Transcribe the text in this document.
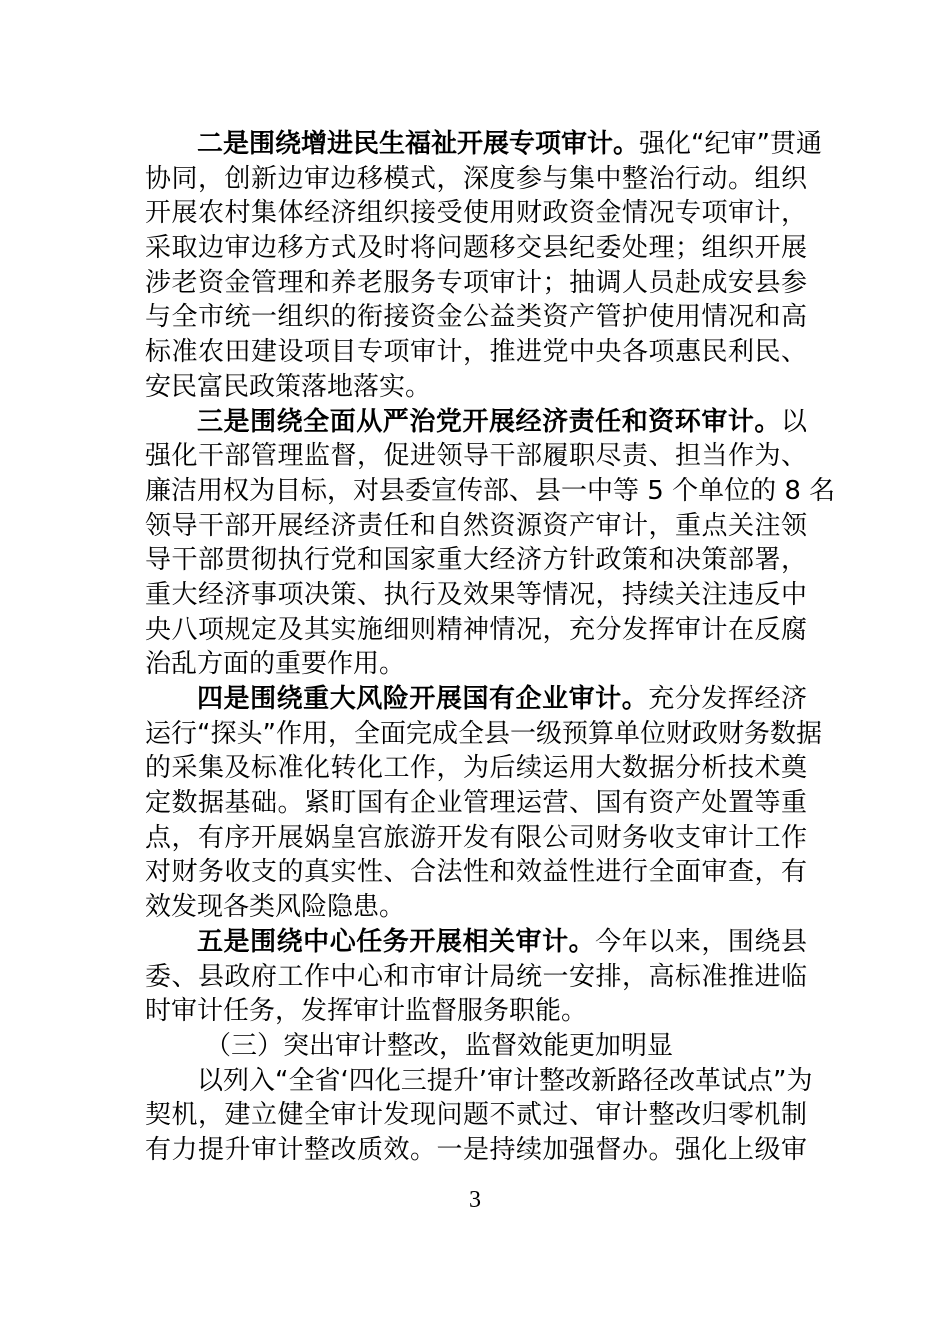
二是围绕增进民生福祉开展专项审计。强化“纪审”贯通
协同，创新边审边移模式，深度参与集中整治行动。组织
开展农村集体经济组织接受使用财政资金情况专项审计，
采取边审边移方式及时将问题移交县纪委处理；组织开展
涉老资金管理和养老服务专项审计；抽调人员赴成安县参
与全市统一组织的衔接资金公益类资产管护使用情况和高
标准农田建设项目专项审计，推进党中央各项惠民利民、
安民富民政策落地落实。
三是围绕全面从严治党开展经济责任和资环审计。以
强化干部管理监督，促进领导干部履职尽责、担当作为、
廉洁用权为目标，对县委宣传部、县一中等 5 个单位的 8 名
领导干部开展经济责任和自然资源资产审计，重点关注领
导干部贯彻执行党和国家重大经济方针政策和决策部署，
重大经济事项决策、执行及效果等情况，持续关注违反中
央八项规定及其实施细则精神情况，充分发挥审计在反腐
治乱方面的重要作用。
四是围绕重大风险开展国有企业审计。充分发挥经济
运行“探头”作用，全面完成全县一级预算单位财政财务数据
的采集及标准化转化工作，为后续运用大数据分析技术奠
定数据基础。紧盯国有企业管理运营、国有资产处置等重
点，有序开展娲皇宫旅游开发有限公司财务收支审计工作
对财务收支的真实性、合法性和效益性进行全面审查，有
效发现各类风险隐患。
五是围绕中心任务开展相关审计。今年以来，围绕县
委、县政府工作中心和市审计局统一安排，高标准推进临
时审计任务，发挥审计监督服务职能。
（三）突出审计整改，监督效能更加明显
以列入“全省‘四化三提升’审计整改新路径改革试点”为
契机，建立健全审计发现问题不贰过、审计整改归零机制
有力提升审计整改质效。一是持续加强督办。强化上级审
3
